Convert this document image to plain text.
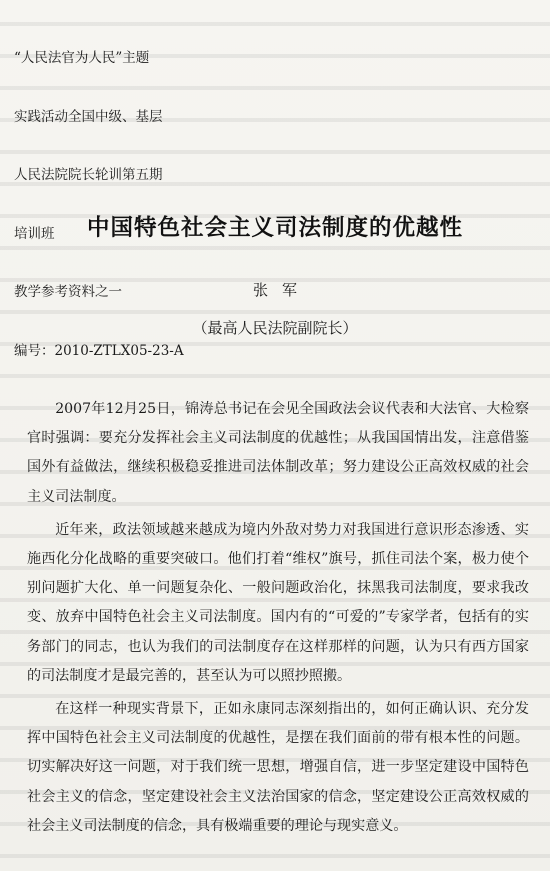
“人民法官为人民”主题

实践活动全国中级、基层

人民法院院长轮训第五期

培训班

教学参考资料之一

编号：2010-ZTLX05-23-A

中国特色社会主义司法制度的优越性
张军
（最高人民法院副院长）

2007年12月25日，锦涛总书记在会见全国政法会议代表和大法官、大检察官时强调：要充分发挥社会主义司法制度的优越性；从我国国情出发，注意借鉴国外有益做法，继续积极稳妥推进司法体制改革；努力建设公正高效权威的社会主义司法制度。

近年来，政法领域越来越成为境内外敌对势力对我国进行意识形态渗透、实施西化分化战略的重要突破口。他们打着“维权”旗号，抓住司法个案，极力使个别问题扩大化、单一问题复杂化、一般问题政治化，抹黑我司法制度，要求我改变、放弃中国特色社会主义司法制度。国内有的“可爱的”专家学者，包括有的实务部门的同志，也认为我们的司法制度存在这样那样的问题，认为只有西方国家的司法制度才是最完善的，甚至认为可以照抄照搬。

在这样一种现实背景下，正如永康同志深刻指出的，如何正确认识、充分发挥中国特色社会主义司法制度的优越性，是摆在我们面前的带有根本性的问题。切实解决好这一问题，对于我们统一思想，增强自信，进一步坚定建设中国特色社会主义的信念，坚定建设社会主义法治国家的信念，坚定建设公正高效权威的社会主义司法制度的信念，具有极端重要的理论与现实意义。
